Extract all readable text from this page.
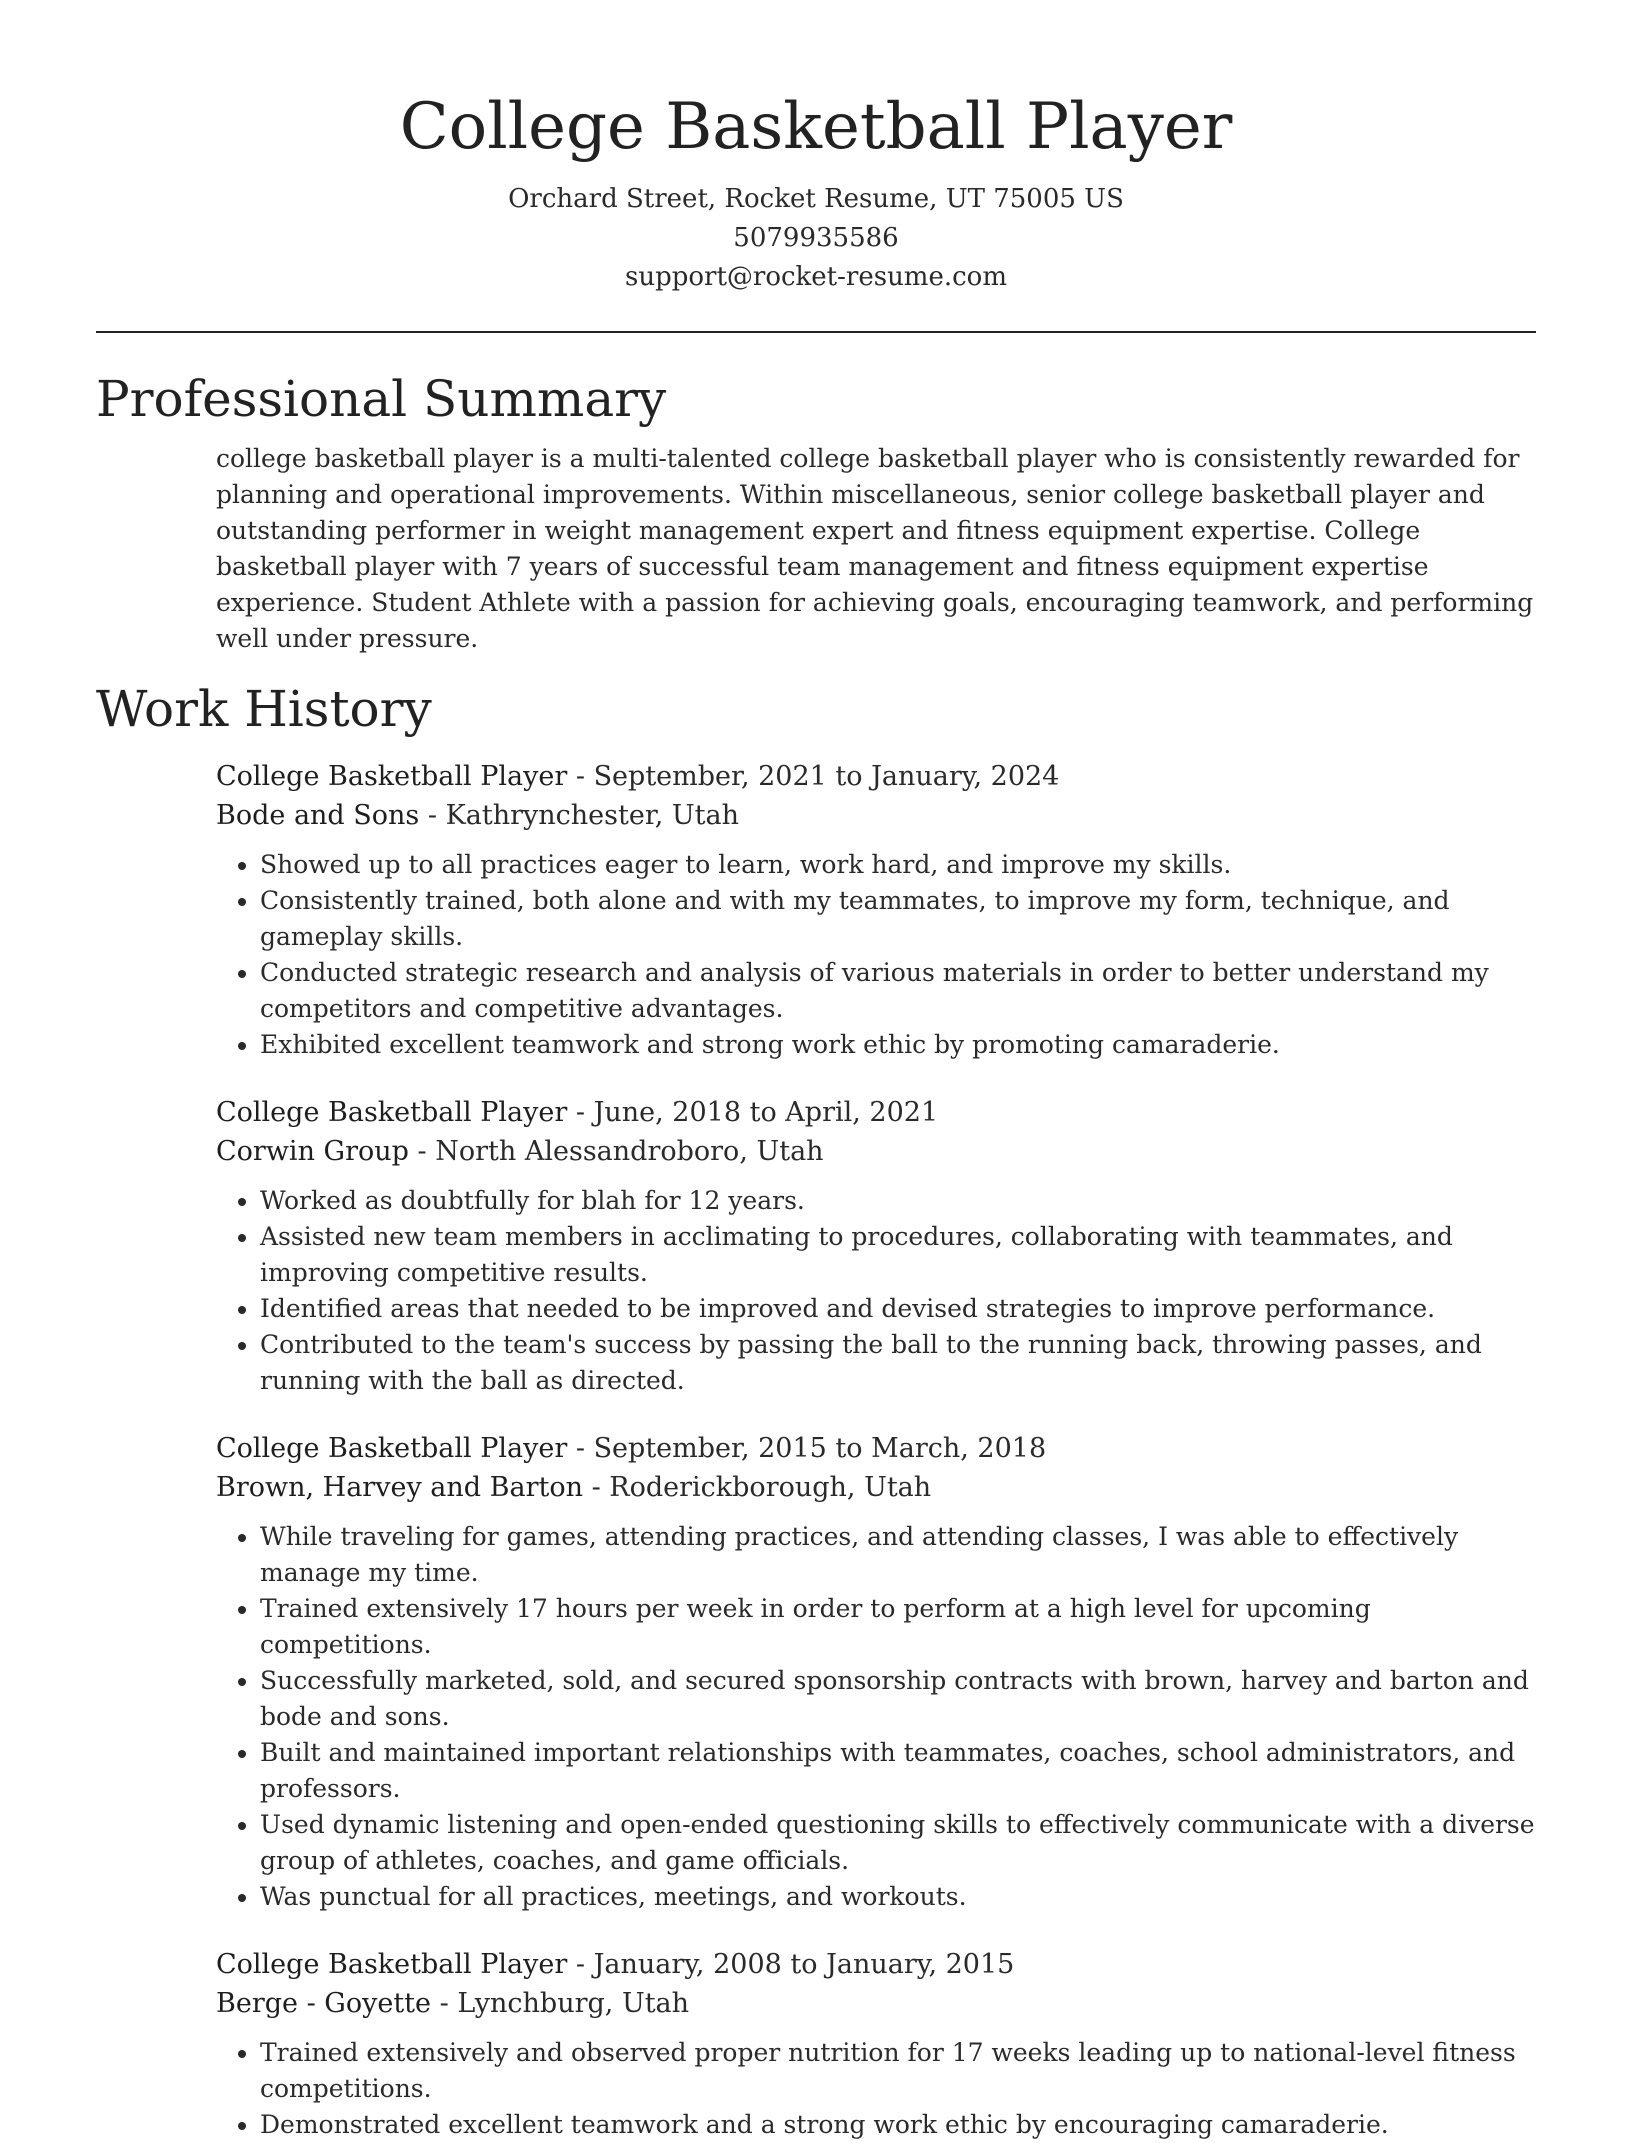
College Basketball Player
Orchard Street, Rocket Resume, UT 75005 US
5079935586
support@rocket-resume.com
Professional Summary
college basketball player is a multi-talented college basketball player who is consistently rewarded for planning and operational improvements. Within miscellaneous, senior college basketball player and outstanding performer in weight management expert and fitness equipment expertise. College basketball player with 7 years of successful team management and fitness equipment expertise experience. Student Athlete with a passion for achieving goals, encouraging teamwork, and performing well under pressure.
Work History
College Basketball Player - September, 2021 to January, 2024
Bode and Sons - Kathrynchester, Utah
• Showed up to all practices eager to learn, work hard, and improve my skills.
• Consistently trained, both alone and with my teammates, to improve my form, technique, and gameplay skills.
• Conducted strategic research and analysis of various materials in order to better understand my competitors and competitive advantages.
• Exhibited excellent teamwork and strong work ethic by promoting camaraderie.
College Basketball Player - June, 2018 to April, 2021
Corwin Group - North Alessandroboro, Utah
• Worked as doubtfully for blah for 12 years.
• Assisted new team members in acclimating to procedures, collaborating with teammates, and improving competitive results.
• Identified areas that needed to be improved and devised strategies to improve performance.
• Contributed to the team's success by passing the ball to the running back, throwing passes, and running with the ball as directed.
College Basketball Player - September, 2015 to March, 2018
Brown, Harvey and Barton - Roderickborough, Utah
• While traveling for games, attending practices, and attending classes, I was able to effectively manage my time.
• Trained extensively 17 hours per week in order to perform at a high level for upcoming competitions.
• Successfully marketed, sold, and secured sponsorship contracts with brown, harvey and barton and bode and sons.
• Built and maintained important relationships with teammates, coaches, school administrators, and professors.
• Used dynamic listening and open-ended questioning skills to effectively communicate with a diverse group of athletes, coaches, and game officials.
• Was punctual for all practices, meetings, and workouts.
College Basketball Player - January, 2008 to January, 2015
Berge - Goyette - Lynchburg, Utah
• Trained extensively and observed proper nutrition for 17 weeks leading up to national-level fitness competitions.
• Demonstrated excellent teamwork and a strong work ethic by encouraging camaraderie.
